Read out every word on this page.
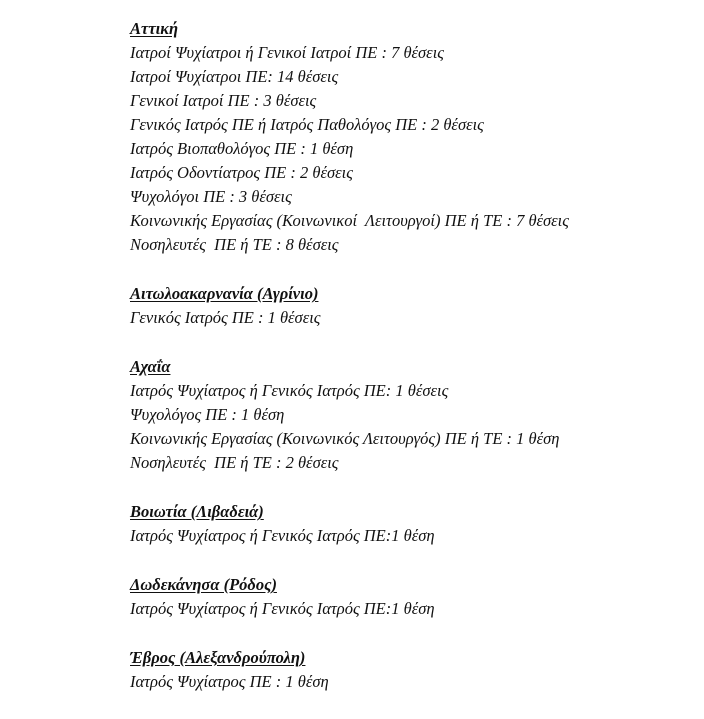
Αττική
Ιατροί Ψυχίατροι ή Γενικοί Ιατροί ΠΕ : 7 θέσεις
Ιατροί Ψυχίατροι ΠΕ: 14 θέσεις
Γενικοί Ιατροί ΠΕ : 3 θέσεις
Γενικός Ιατρός ΠΕ ή Ιατρός Παθολόγος ΠΕ : 2 θέσεις
Ιατρός Βιοπαθολόγος ΠΕ : 1 θέση
Ιατρός Οδοντίατρος ΠΕ : 2 θέσεις
Ψυχολόγοι ΠΕ : 3 θέσεις
Κοινωνικής Εργασίας (Κοινωνικοί  Λειτουργοί) ΠΕ ή ΤΕ : 7 θέσεις
Νοσηλευτές  ΠΕ ή ΤΕ : 8 θέσεις
Αιτωλοακαρνανία (Αγρίνιο)
Γενικός Ιατρός ΠΕ : 1 θέσεις
Αχαΐα
Ιατρός Ψυχίατρος ή Γενικός Ιατρός ΠΕ: 1 θέσεις
Ψυχολόγος ΠΕ : 1 θέση
Κοινωνικής Εργασίας (Κοινωνικός Λειτουργός) ΠΕ ή ΤΕ : 1 θέση
Νοσηλευτές  ΠΕ ή ΤΕ : 2 θέσεις
Βοιωτία (Λιβαδειά)
Ιατρός Ψυχίατρος ή Γενικός Ιατρός ΠΕ:1 θέση
Δωδεκάνησα (Ρόδος)
Ιατρός Ψυχίατρος ή Γενικός Ιατρός ΠΕ:1 θέση
Έβρος (Αλεξανδρούπολη)
Ιατρός Ψυχίατρος ΠΕ : 1 θέση
